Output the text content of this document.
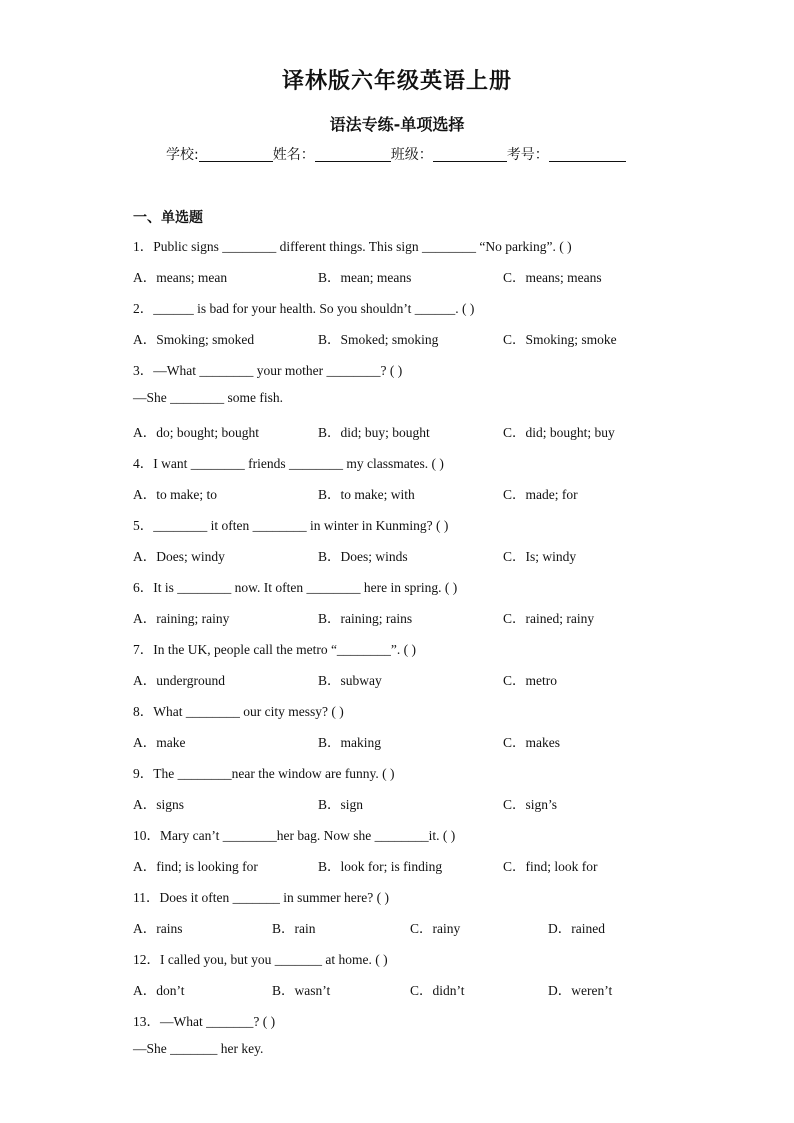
译林版六年级英语上册
语法专练-单项选择
学校:	姓名：	班级：	考号：
一、单选题
1．Public signs ________ different things. This sign ________ “No parking”. ( )
A．means; mean	B．mean; means	C．means; means
2．______ is bad for your health. So you shouldn’t ______. ( )
A．Smoking; smoked	B．Smoked; smoking	C．Smoking; smoke
3．—What ________ your mother ________? ( )
—She ________ some fish.
A．do; bought; bought	B．did; buy; bought	C．did; bought; buy
4．I want ________ friends ________ my classmates. ( )
A．to make; to	B．to make; with	C．made; for
5．________ it often ________ in winter in Kunming? ( )
A．Does; windy	B．Does; winds	C．Is; windy
6．It is ________ now. It often ________ here in spring. ( )
A．raining; rainy	B．raining; rains	C．rained; rainy
7．In the UK, people call the metro “________”. ( )
A．underground	B．subway	C．metro
8．What ________ our city messy? ( )
A．make	B．making	C．makes
9．The ________near the window are funny. ( )
A．signs	B．sign	C．sign’s
10．Mary can’t ________her bag. Now she ________it. ( )
A．find; is looking for	B．look for; is finding	C．find; look for
11．Does it often _______ in summer here? ( )
A．rains	B．rain	C．rainy	D．rained
12．I called you, but you _______ at home. ( )
A．don’t	B．wasn’t	C．didn’t	D．weren’t
13．—What _______? ( )
—She _______ her key.
